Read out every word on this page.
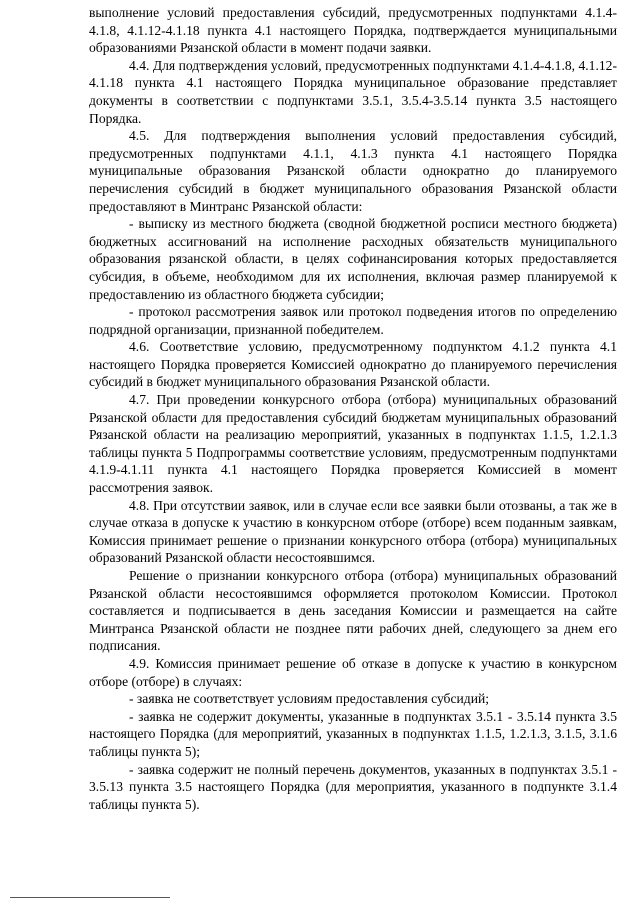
выполнение условий предоставления субсидий, предусмотренных подпунктами 4.1.4-4.1.8, 4.1.12-4.1.18 пункта 4.1 настоящего Порядка, подтверждается муниципальными образованиями Рязанской области в момент подачи заявки.

4.4. Для подтверждения условий, предусмотренных подпунктами 4.1.4-4.1.8, 4.1.12-4.1.18 пункта 4.1 настоящего Порядка муниципальное образование представляет документы в соответствии с подпунктами 3.5.1, 3.5.4-3.5.14 пункта 3.5 настоящего Порядка.

4.5. Для подтверждения выполнения условий предоставления субсидий, предусмотренных подпунктами 4.1.1, 4.1.3 пункта 4.1 настоящего Порядка муниципальные образования Рязанской области однократно до планируемого перечисления субсидий в бюджет муниципального образования Рязанской области предоставляют в Минтранс Рязанской области:

- выписку из местного бюджета (сводной бюджетной росписи местного бюджета) бюджетных ассигнований на исполнение расходных обязательств муниципального образования рязанской области, в целях софинансирования которых предоставляется субсидия, в объеме, необходимом для их исполнения, включая размер планируемой к предоставлению из областного бюджета субсидии;

- протокол рассмотрения заявок или протокол подведения итогов по определению подрядной организации, признанной победителем.

4.6. Соответствие условию, предусмотренному подпунктом 4.1.2 пункта 4.1 настоящего Порядка проверяется Комиссией однократно до планируемого перечисления субсидий в бюджет муниципального образования Рязанской области.

4.7. При проведении конкурсного отбора (отбора) муниципальных образований Рязанской области для предоставления субсидий бюджетам муниципальных образований Рязанской области на реализацию мероприятий, указанных в подпунктах 1.1.5, 1.2.1.3 таблицы пункта 5 Подпрограммы соответствие условиям, предусмотренным подпунктами 4.1.9-4.1.11 пункта 4.1 настоящего Порядка проверяется Комиссией в момент рассмотрения заявок.

4.8. При отсутствии заявок, или в случае если все заявки были отозваны, а так же в случае отказа в допуске к участию в конкурсном отборе (отборе) всем поданным заявкам, Комиссия принимает решение о признании конкурсного отбора (отбора) муниципальных образований Рязанской области несостоявшимся.

Решение о признании конкурсного отбора (отбора) муниципальных образований Рязанской области несостоявшимся оформляется протоколом Комиссии. Протокол составляется и подписывается в день заседания Комиссии и размещается на сайте Минтранса Рязанской области не позднее пяти рабочих дней, следующего за днем его подписания.

4.9. Комиссия принимает решение об отказе в допуске к участию в конкурсном отборе (отборе) в случаях:

- заявка не соответствует условиям предоставления субсидий;

- заявка не содержит документы, указанные в подпунктах 3.5.1 - 3.5.14 пункта 3.5 настоящего Порядка (для мероприятий, указанных в подпунктах 1.1.5, 1.2.1.3, 3.1.5, 3.1.6 таблицы пункта 5);

- заявка содержит не полный перечень документов, указанных в подпунктах 3.5.1 - 3.5.13 пункта 3.5 настоящего Порядка (для мероприятия, указанного в подпункте 3.1.4 таблицы пункта 5).
